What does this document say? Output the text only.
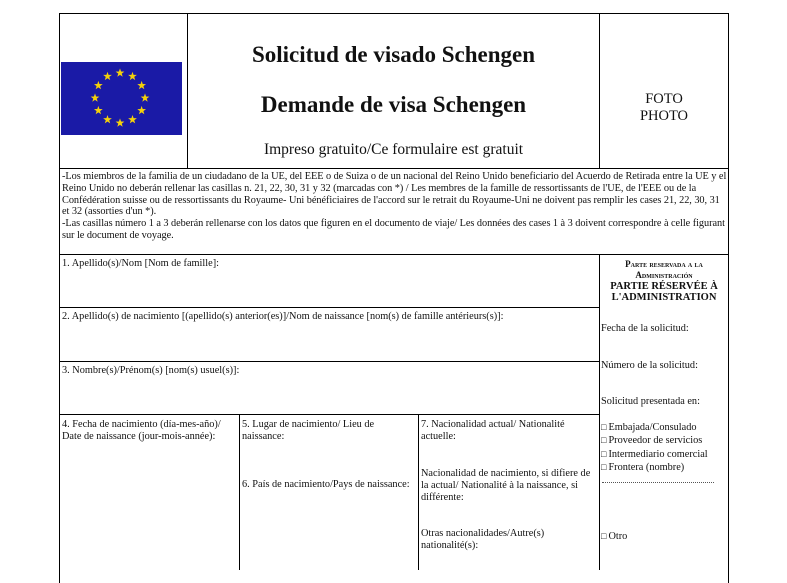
Solicitud de visado Schengen
Demande de visa Schengen
Impreso gratuito/Ce formulaire est gratuit
FOTO
PHOTO

-Los miembros de la familia de un ciudadano de la UE, del EEE o de Suiza o de un nacional del Reino Unido beneficiario del Acuerdo de Retirada entre la UE y el Reino Unido no deberán rellenar las casillas n. 21, 22, 30, 31 y 32 (marcadas con *) / Les membres de la famille de ressortissants de l'UE, de l'EEE ou de la Confédération suisse ou de ressortissants du Royaume- Uni bénéficiaires de l'accord sur le retrait du Royaume-Uni ne doivent pas remplir les cases 21, 22, 30, 31 et 32 (assorties d'un *).

-Las casillas número 1 a 3 deberán rellenarse con los datos que figuren en el documento de viaje/ Les données des cases 1 à 3 doivent correspondre à celle figurant sur le document de voyage.

1. Apellido(s)/Nom [Nom de famille]:
2. Apellido(s) de nacimiento [(apellido(s) anterior(es)]/Nom de naissance [nom(s) de famille antérieurs(s)]:
3. Nombre(s)/Prénom(s) [nom(s) usuel(s)]:
4. Fecha de nacimiento (día-mes-año)/ Date de naissance (jour-mois-année):
5. Lugar de nacimiento/ Lieu de naissance:
6. País de nacimiento/Pays de naissance:
7. Nacionalidad actual/ Nationalité actuelle:
Nacionalidad de nacimiento, si difiere de la actual/ Nationalité à la naissance, si différente:
Otras nacionalidades/Autre(s) nationalité(s):
Parte reservada a la
Administración
PARTIE RÉSERVÉE À
L'ADMINISTRATION
Fecha de la solicitud:
Número de la solicitud:
Solicitud presentada en:
□ Embajada/Consulado
□ Proveedor de servicios
□ Intermediario comercial
□ Frontera (nombre)
□ Otro
